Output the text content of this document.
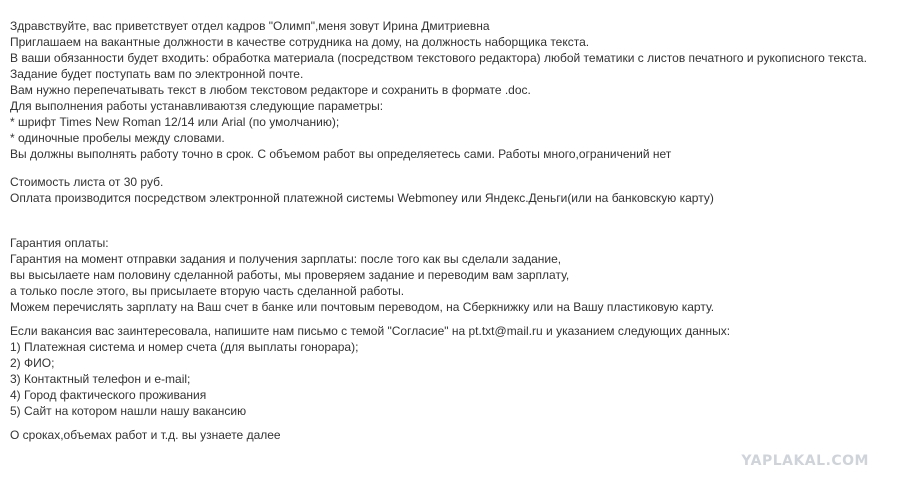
Здравствуйте, вас приветствует отдел кадров "Олимп",меня зовут Ирина Дмитриевна
Приглашаем на вакантные должности в качестве сотрудника на дому, на должность наборщика текста.
В ваши обязанности будет входить: обработка материала (посредством текстового редактора) любой тематики с листов печатного и рукописного текста.
Задание будет поступать вам по электронной почте.
Вам нужно перепечатывать текст в любом текстовом редакторе и сохранить в формате .doc.
Для выполнения работы устанавливаютзя следующие параметры:
* шрифт Times New Roman 12/14 или Arial (по умолчанию);
* одиночные пробелы между словами.
Вы должны выполнять работу точно в срок. С объемом работ вы определяетесь сами. Работы много,ограничений нет
Стоимость листа от 30 руб.
Оплата производится посредством электронной платежной системы Webmoney или Яндекс.Деньги(или на банковскую карту)
Гарантия оплаты:
Гарантия на момент отправки задания и получения зарплаты: после того как вы сделали задание,
вы высылаете нам половину сделанной работы, мы проверяем задание и переводим вам зарплату,
а только после этого, вы присылаете вторую часть сделанной работы.
Можем перечислять зарплату на Ваш счет в банке или почтовым переводом, на Сберкнижку или на Вашу пластиковую карту.
Если вакансия вас заинтересовала, напишите нам письмо с темой "Согласие" на pt.txt@mail.ru и указанием следующих данных:
1) Платежная система и номер счета (для выплаты гонорара);
2) ФИО;
3) Контактный телефон и e-mail;
4) Город фактического проживания
5) Сайт на котором нашли нашу вакансию
О сроках,объемах работ и т.д. вы узнаете далее
YAPLAKAL.COM
